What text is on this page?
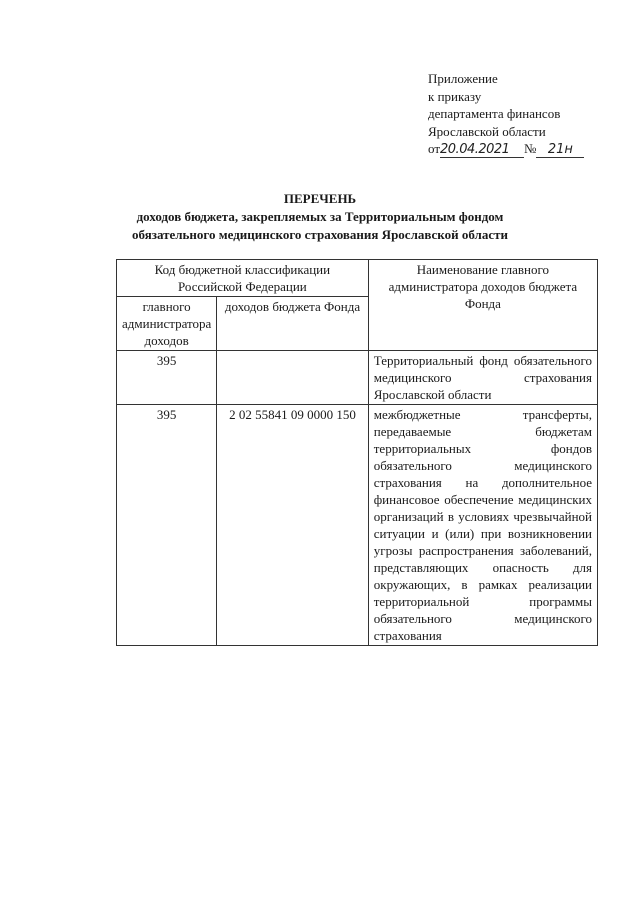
Приложение
к приказу
департамента финансов
Ярославской области
от20.04.2021 № 21н
ПЕРЕЧЕНЬ
доходов бюджета, закрепляемых за Территориальным фондом
обязательного медицинского страхования Ярославской области
Код бюджетной классификации Российской Федерации		Наименование главного администратора доходов бюджета Фонда
главного администратора доходов	доходов бюджета Фонда	
395		Территориальный фонд обязательного медицинского страхования Ярославской области
395	2 02 55841 09 0000 150	межбюджетные трансферты, передаваемые бюджетам территориальных фондов обязательного медицинского страхования на дополнительное финансовое обеспечение медицинских организаций в условиях чрезвычайной ситуации и (или) при возникновении угрозы распространения заболеваний, представляющих опасность для окружающих, в рамках реализации территориальной программы обязательного медицинского страхования
